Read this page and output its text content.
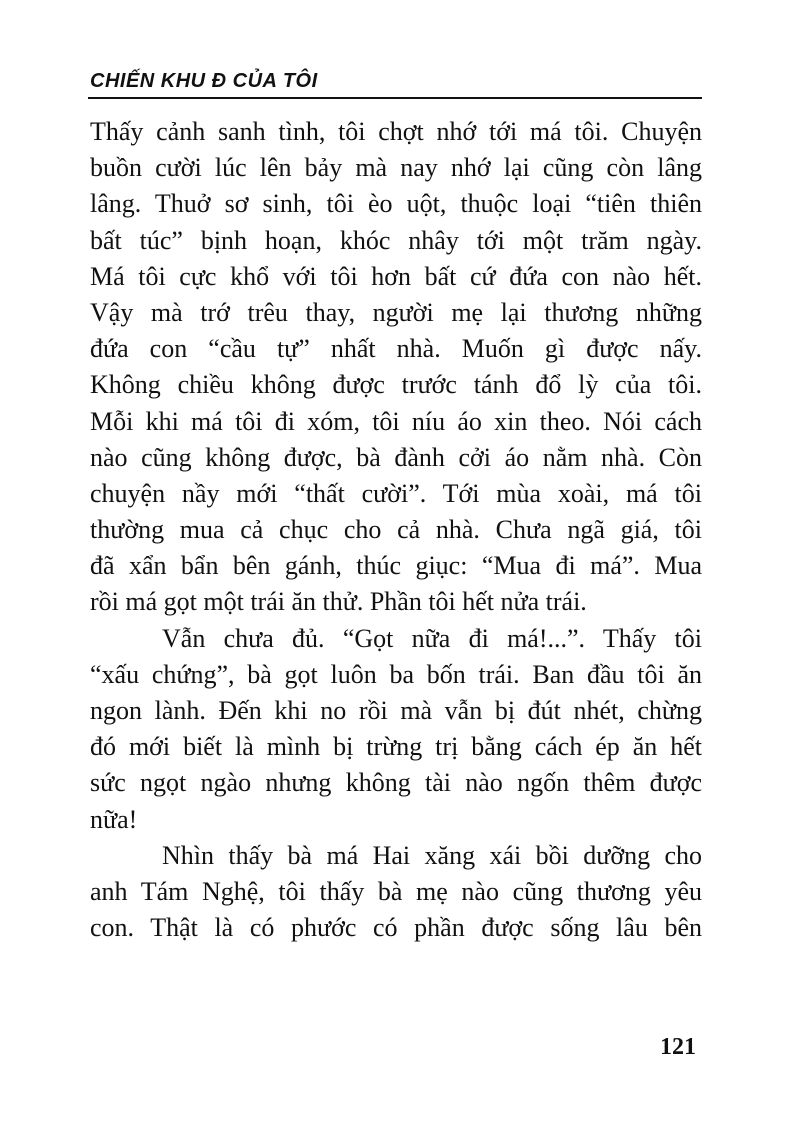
CHIẾN KHU Đ CỦA TÔI
Thấy cảnh sanh tình, tôi chợt nhớ tới má tôi. Chuyện
buồn cười lúc lên bảy mà nay nhớ lại cũng còn lâng
lâng. Thuở sơ sinh, tôi èo uột, thuộc loại “tiên thiên
bất túc” bịnh hoạn, khóc nhây tới một trăm ngày.
Má tôi cực khổ với tôi hơn bất cứ đứa con nào hết.
Vậy mà trớ trêu thay, người mẹ lại thương những
đứa con “cầu tự” nhất nhà. Muốn gì được nấy.
Không chiều không được trước tánh đổ lỳ của tôi.
Mỗi khi má tôi đi xóm, tôi níu áo xin theo. Nói cách
nào cũng không được, bà đành cởi áo nằm nhà. Còn
chuyện nầy mới “thất cười”. Tới mùa xoài, má tôi
thường mua cả chục cho cả nhà. Chưa ngã giá, tôi
đã xẩn bẩn bên gánh, thúc giục: “Mua đi má”. Mua
rồi má gọt một trái ăn thử. Phần tôi hết nửa trái.
Vẫn chưa đủ. “Gọt nữa đi má!...”. Thấy tôi
“xấu chứng”, bà gọt luôn ba bốn trái. Ban đầu tôi ăn
ngon lành. Đến khi no rồi mà vẫn bị đút nhét, chừng
đó mới biết là mình bị trừng trị bằng cách ép ăn hết
sức ngọt ngào nhưng không tài nào ngốn thêm được
nữa!
Nhìn thấy bà má Hai xăng xái bồi dưỡng cho
anh Tám Nghệ, tôi thấy bà mẹ nào cũng thương yêu
con. Thật là có phước có phần được sống lâu bên
121
